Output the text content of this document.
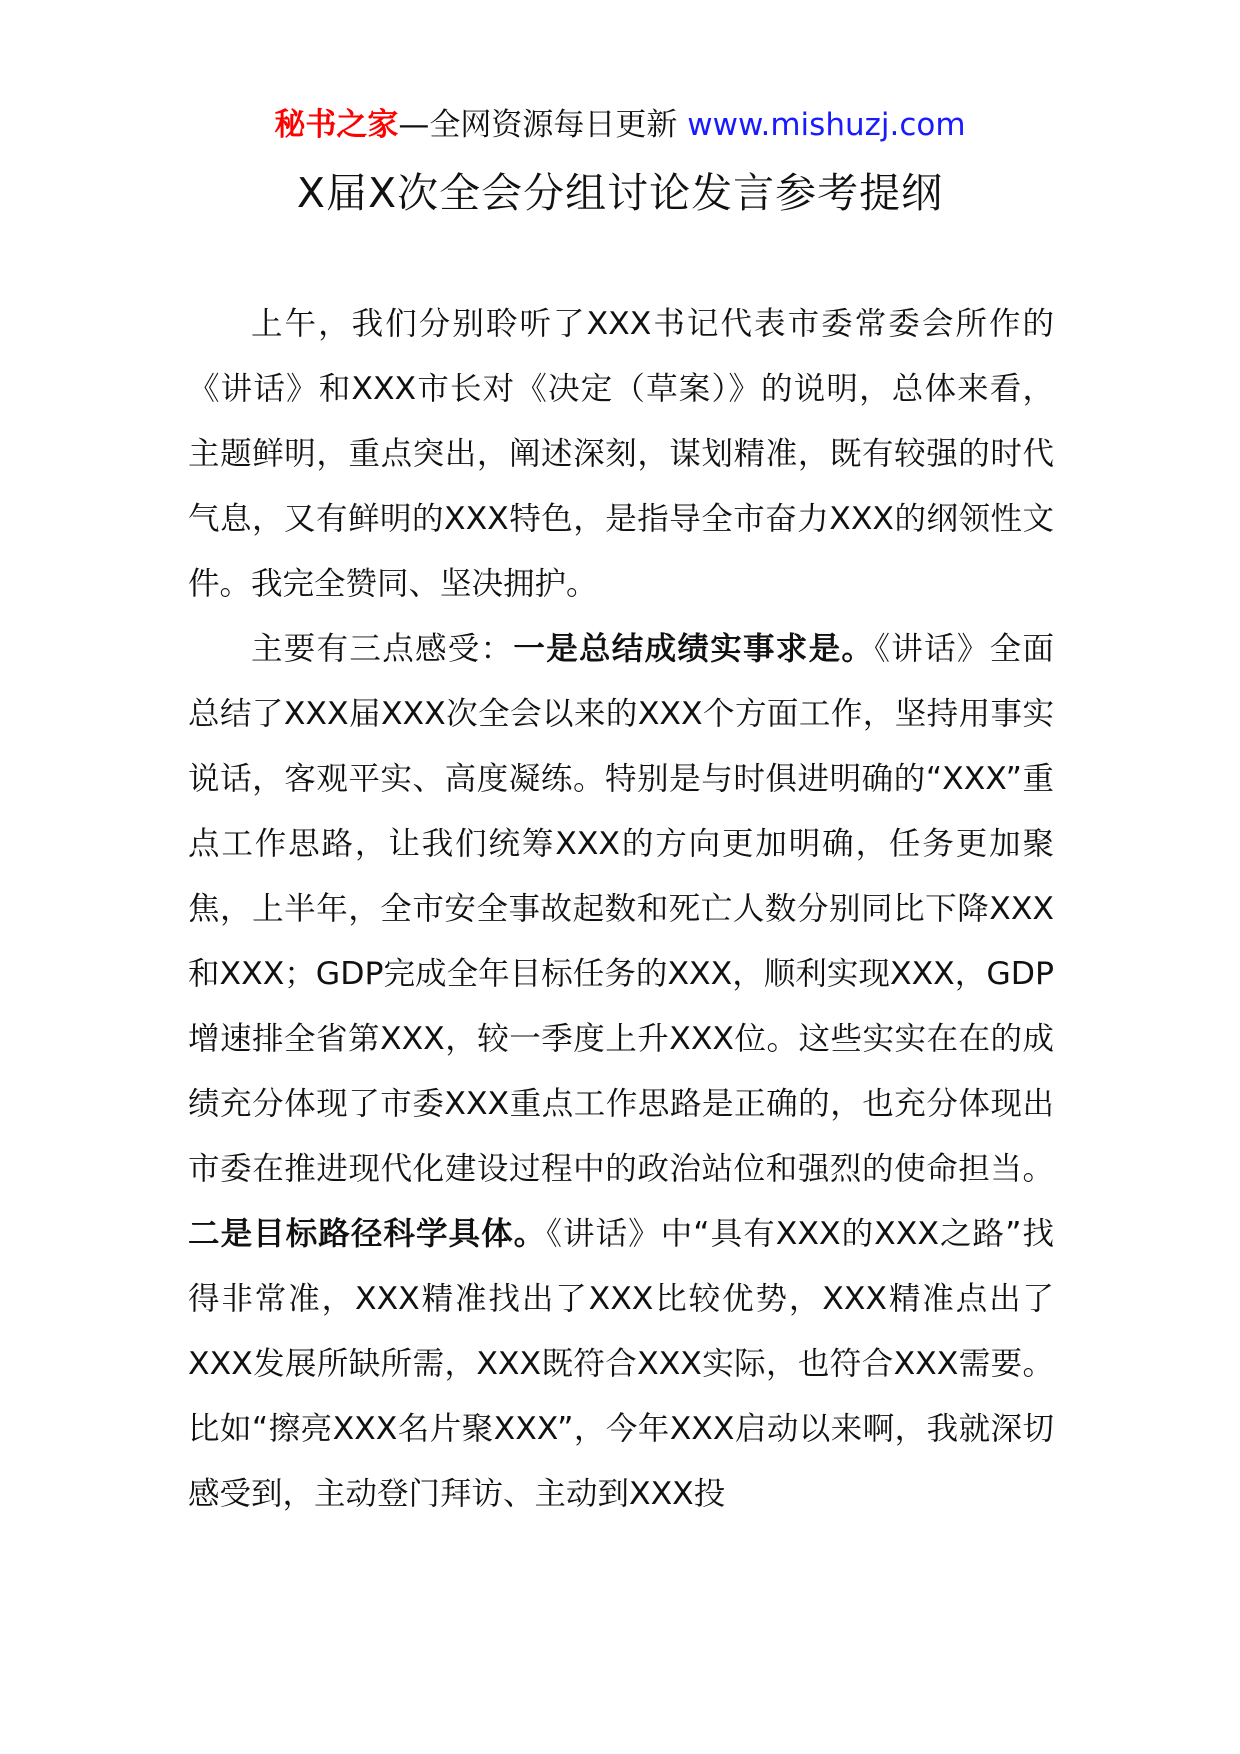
秘书之家—全网资源每日更新 www.mishuzj.com
X届X次全会分组讨论发言参考提纲

上午，我们分别聆听了XXX书记代表市委常委会所作的《讲话》和XXX市长对《决定（草案）》的说明，总体来看，主题鲜明，重点突出，阐述深刻，谋划精准，既有较强的时代气息，又有鲜明的XXX特色，是指导全市奋力XXX的纲领性文件。我完全赞同、坚决拥护。

主要有三点感受：一是总结成绩实事求是。《讲话》全面总结了XXX届XXX次全会以来的XXX个方面工作，坚持用事实说话，客观平实、高度凝练。特别是与时俱进明确的“XXX”重点工作思路，让我们统筹XXX的方向更加明确，任务更加聚焦，上半年，全市安全事故起数和死亡人数分别同比下降XXX和XXX；GDP完成全年目标任务的XXX，顺利实现XXX，GDP增速排全省第XXX，较一季度上升XXX位。这些实实在在的成绩充分体现了市委XXX重点工作思路是正确的，也充分体现出市委在推进现代化建设过程中的政治站位和强烈的使命担当。二是目标路径科学具体。《讲话》中“具有XXX的XXX之路”找得非常准，XXX精准找出了XXX比较优势，XXX精准点出了XXX发展所缺所需，XXX既符合XXX实际，也符合XXX需要。比如“擦亮XXX名片聚XXX”，今年XXX启动以来啊，我就深切感受到，主动登门拜访、主动到XXX投
